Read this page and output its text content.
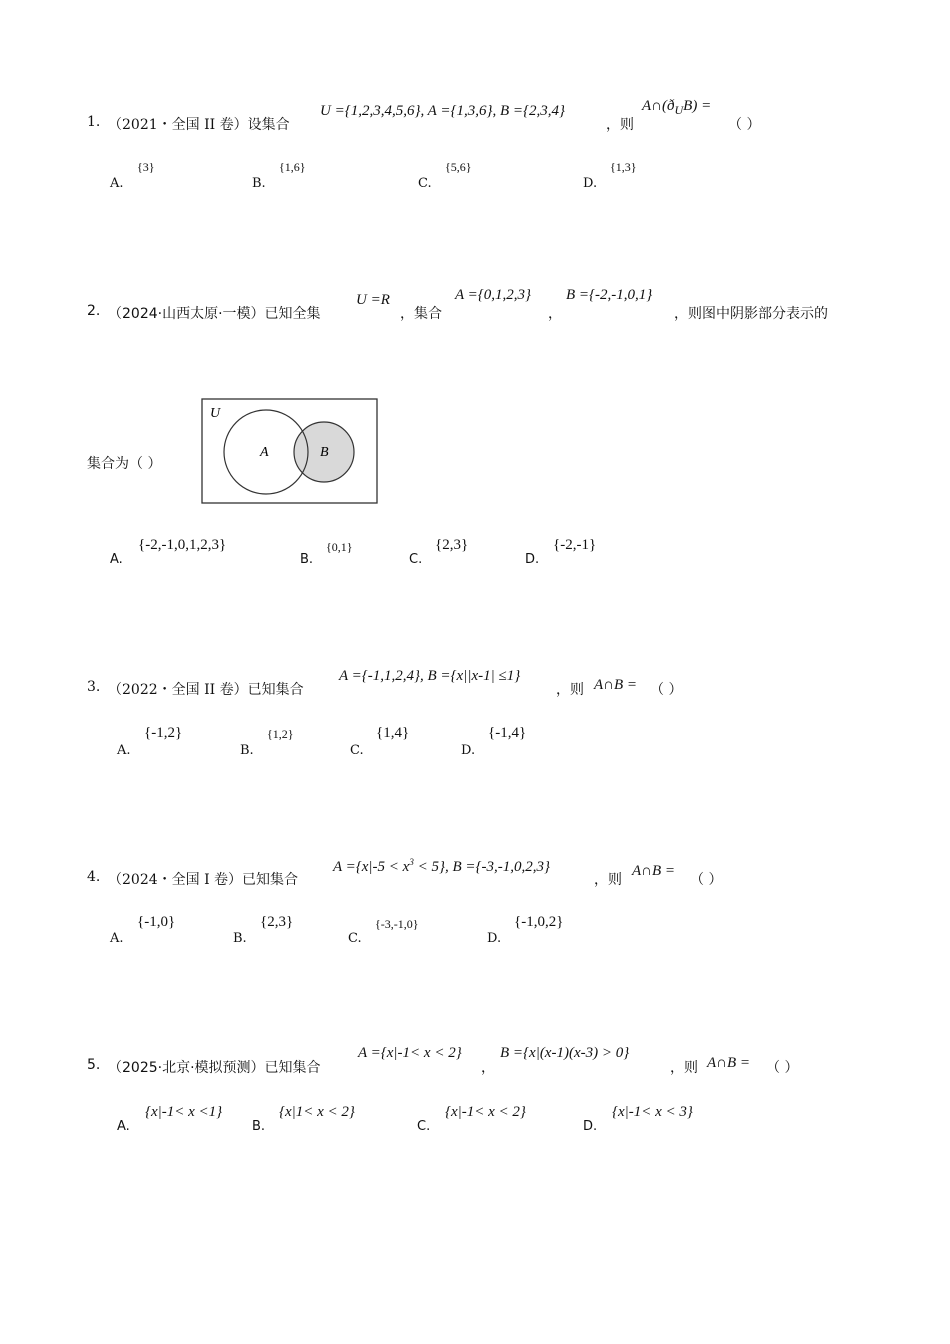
1. （2021・全国 II 卷）设集合
U ={1,2,3,4,5,6}, A ={1,3,6}, B ={2,3,4}
，则
$A\cap(ð_UB)$ =
（ ）
A.
{3}
B.
{1,6}
C.
{5,6}
D.
{1,3}
2. （2024·山西太原·一模）已知全集
U =R
，集合
A ={0,1,2,3}
，
B ={-2,-1,0,1}
，则图中阴影部分表示的
集合为（ ）
U
A	B
A.
{-2,-1,0,1,2,3}
B.
{0,1}
C.
{2,3}
D.
{-2,-1}
3. （2022・全国 II 卷）已知集合
A ={-1,1,2,4}, B ={x||x-1| ≤1}
，则 A∩B = （ ）
A.
{-1,2}
B.
{1,2}
C.
{1,4}
D.
{-1,4}
4. （2024・全国 I 卷）已知集合
$A =\{x|-5 < x^3 < 5\}$, B ={-3,-1,0,2,3}
，则
A∩B =
（ ）
A.
{-1,0}
B.
{2,3}
C.
{-3,-1,0}
D.
{-1,0,2}
5. （2025·北京·模拟预测）已知集合
A ={x|-1< x < 2}
，
B ={x|(x-1)(x-3) > 0}
，则 A∩B = （ ）
A.
{x|-1< x <1}
B.
{x|1< x < 2}
C.
{x|-1< x < 2}
D.
{x|-1< x < 3}
